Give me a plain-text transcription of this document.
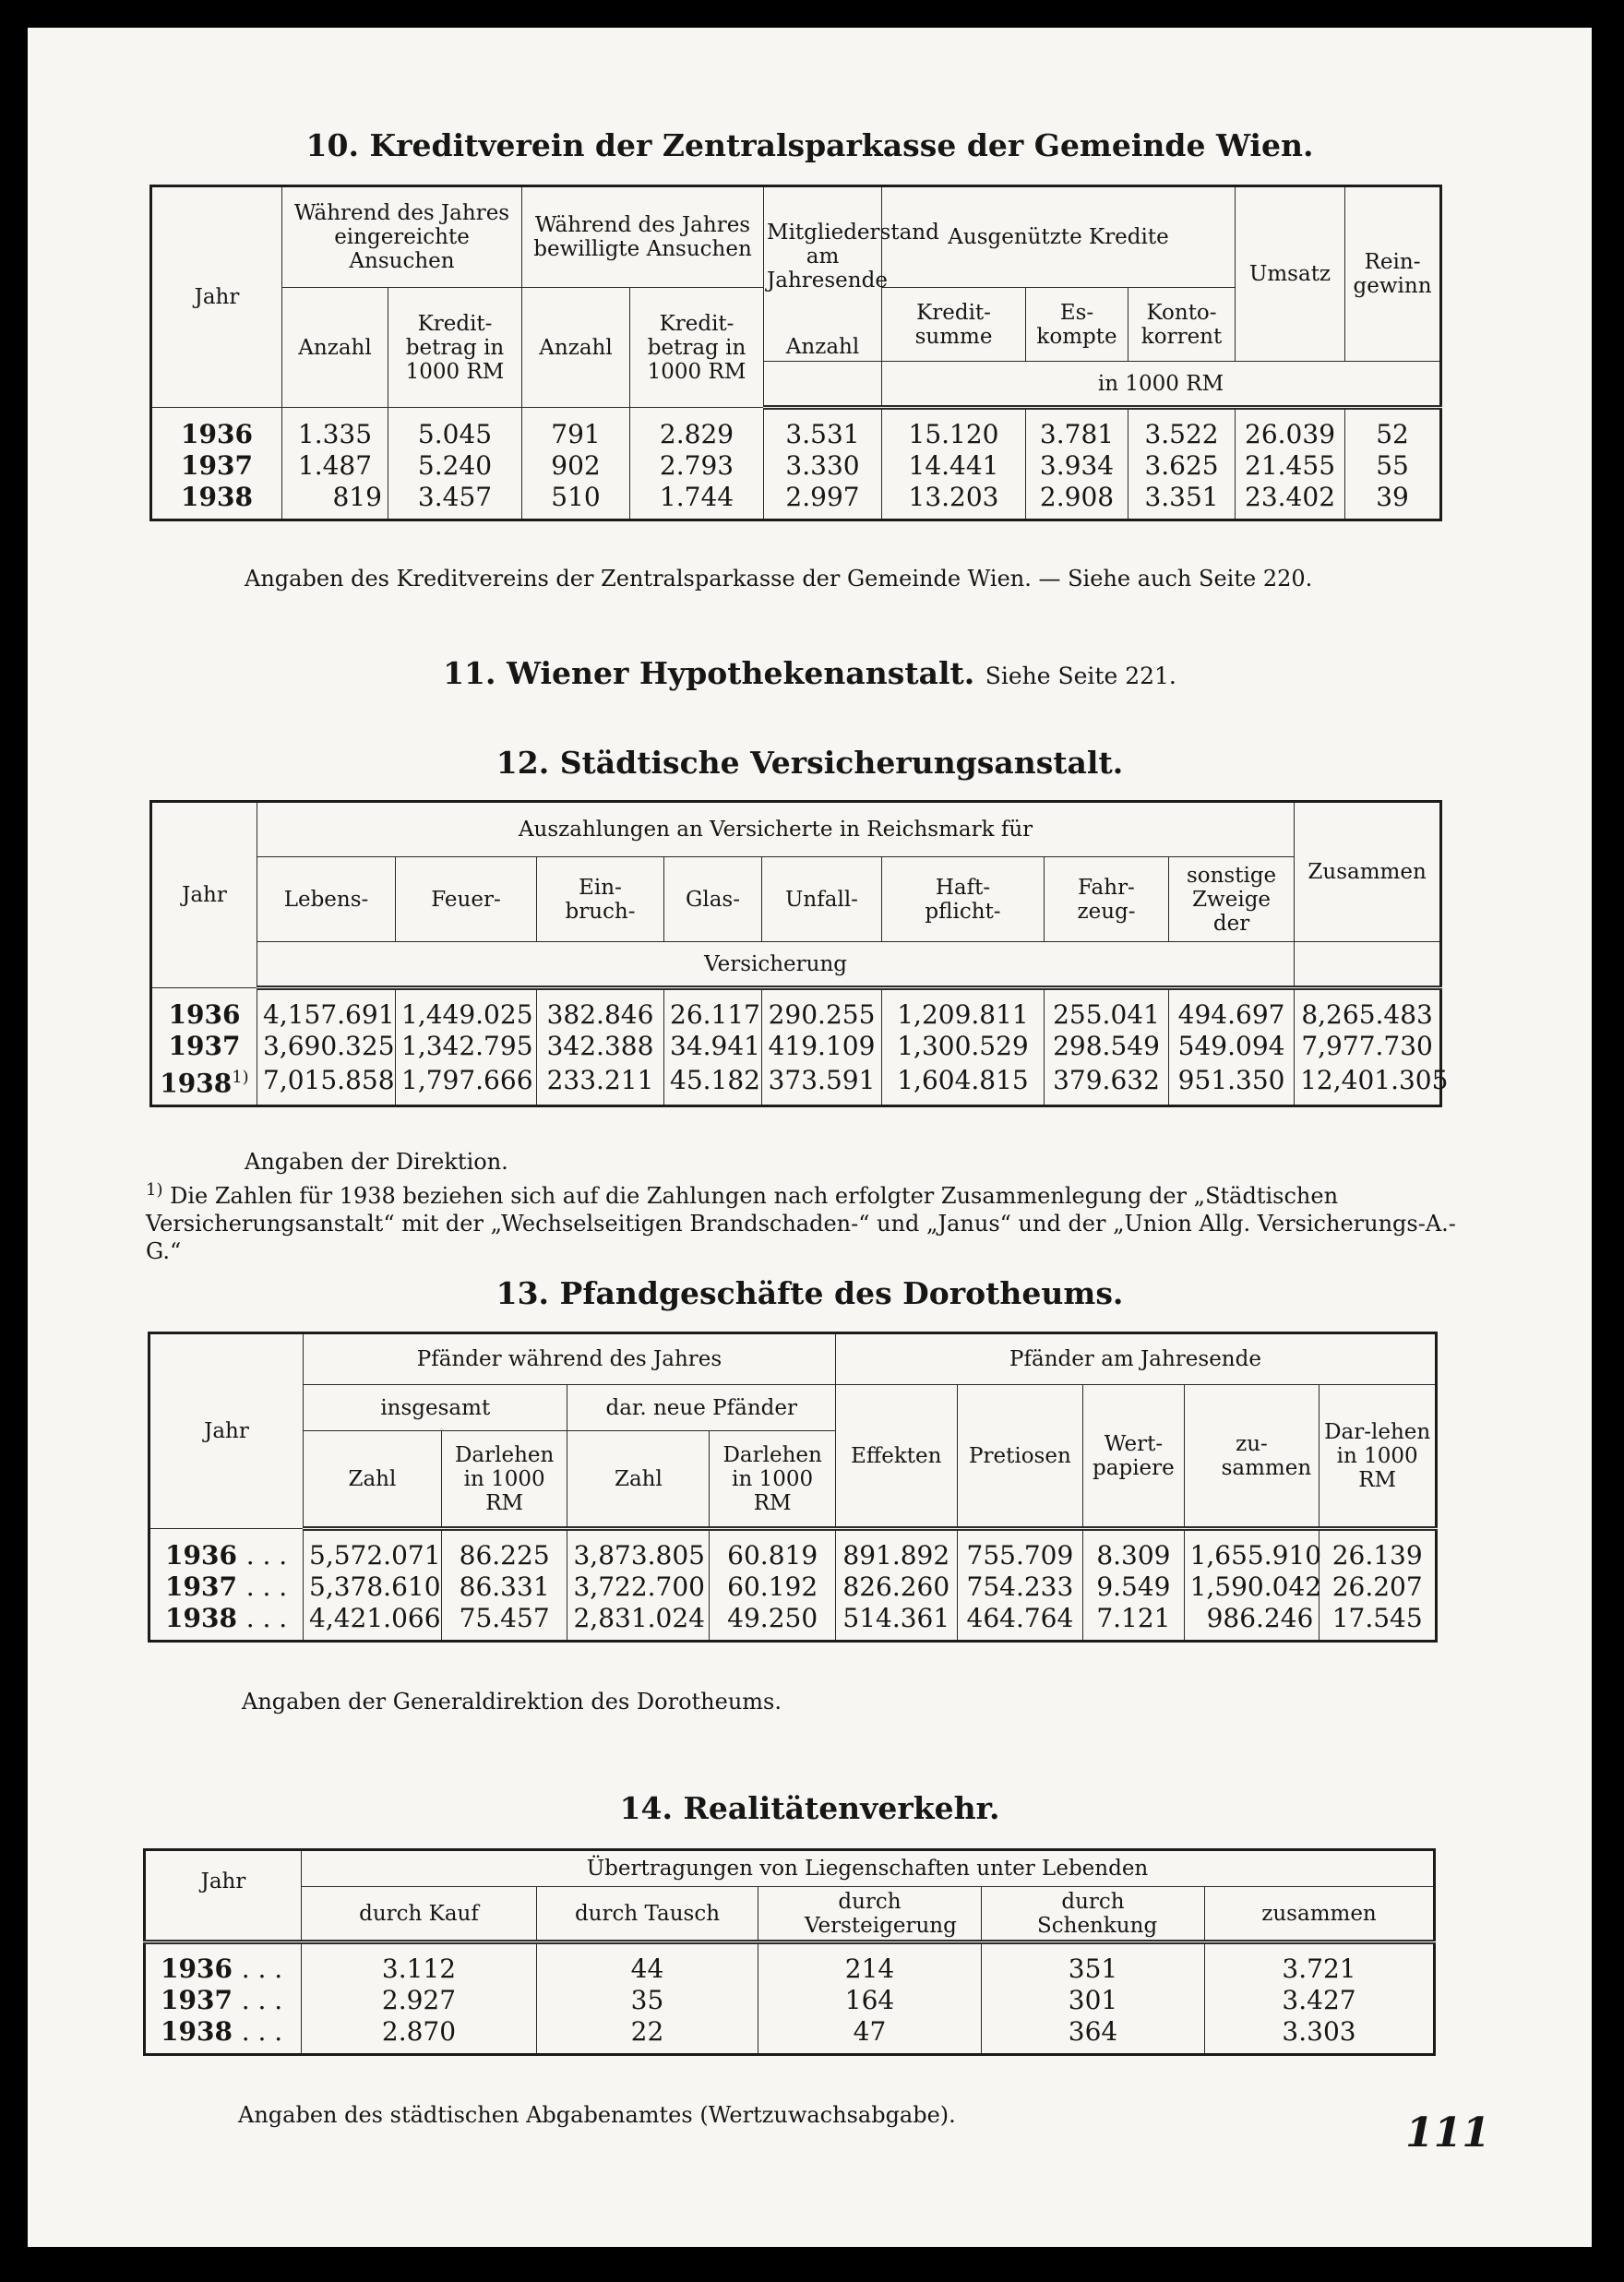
10. Kreditverein der Zentralsparkasse der Gemeinde Wien.
Jahr	Während des Jahres eingereichte Ansuchen		Während des Jahres bewilligte Ansuchen		Mitgliederstand am Jahresende	Ausgenützte Kredite			Umsatz	Rein-gewinn
	Anzahl	Kredit-betrag in 1000 RM	Anzahl	Kredit-betrag in 1000 RM		Kredit-summe	Es-kompte	Konto-korrent		
					Anzahl	in 1000 RM				

1936	1.335	5.045	791	2.829	3.531	15.120	3.781	3.522	26.039	52
1937	1.487	5.240	902	2.793	3.330	14.441	3.934	3.625	21.455	55
1938	819	3.457	510	1.744	2.997	13.203	2.908	3.351	23.402	39
Angaben des Kreditvereins der Zentralsparkasse der Gemeinde Wien. — Siehe auch Seite 220.
11. Wiener Hypothekenanstalt. Siehe Seite 221.
12. Städtische Versicherungsanstalt.
Jahr	Auszahlungen an Versicherte in Reichsmark für								Zusammen
	Lebens-	Feuer-	Ein-bruch-	Glas-	Unfall-	Haft-pflicht-	Fahr-zeug-	sonstige Zweige der	
	Versicherung								

1936	4,157.691	1,449.025	382.846	26.117	290.255	1,209.811	255.041	494.697	8,265.483
1937	3,690.325	1,342.795	342.388	34.941	419.109	1,300.529	298.549	549.094	7,977.730
1938$^{1)}$	7,015.858	1,797.666	233.211	45.182	373.591	1,604.815	379.632	951.350	12,401.305
Angaben der Direktion.
$^{1)}$ Die Zahlen für 1938 beziehen sich auf die Zahlungen nach erfolgter Zusammenlegung der „Städtischen Versicherungsanstalt“ mit der „Wechselseitigen Brandschaden-“ und „Janus“ und der „Union Allg. Versicherungs-A.-G.“
13. Pfandgeschäfte des Dorotheums.
Jahr	Pfänder während des Jahres				Pfänder am Jahresende				
	insgesamt		dar. neue Pfänder		Effekten	Pretiosen	Wert-papiere	zu-sammen	Dar-lehen in 1000 RM
	Zahl	Darlehen in 1000 RM	Zahl	Darlehen in 1000 RM					

1936 . . .	5,572.071	86.225	3,873.805	60.819	891.892	755.709	8.309	1,655.910	26.139
1937 . . .	5,378.610	86.331	3,722.700	60.192	826.260	754.233	9.549	1,590.042	26.207
1938 . . .	4,421.066	75.457	2,831.024	49.250	514.361	464.764	7.121	986.246	17.545
Angaben der Generaldirektion des Dorotheums.
14. Realitätenverkehr.
Jahr	Übertragungen von Liegenschaften unter Lebenden				
	durch Kauf	durch Tausch	durch Versteigerung	durch Schenkung	zusammen

1936 . . .	3.112	44	214	351	3.721
1937 . . .	2.927	35	164	301	3.427
1938 . . .	2.870	22	47	364	3.303
Angaben des städtischen Abgabenamtes (Wertzuwachsabgabe).	111
